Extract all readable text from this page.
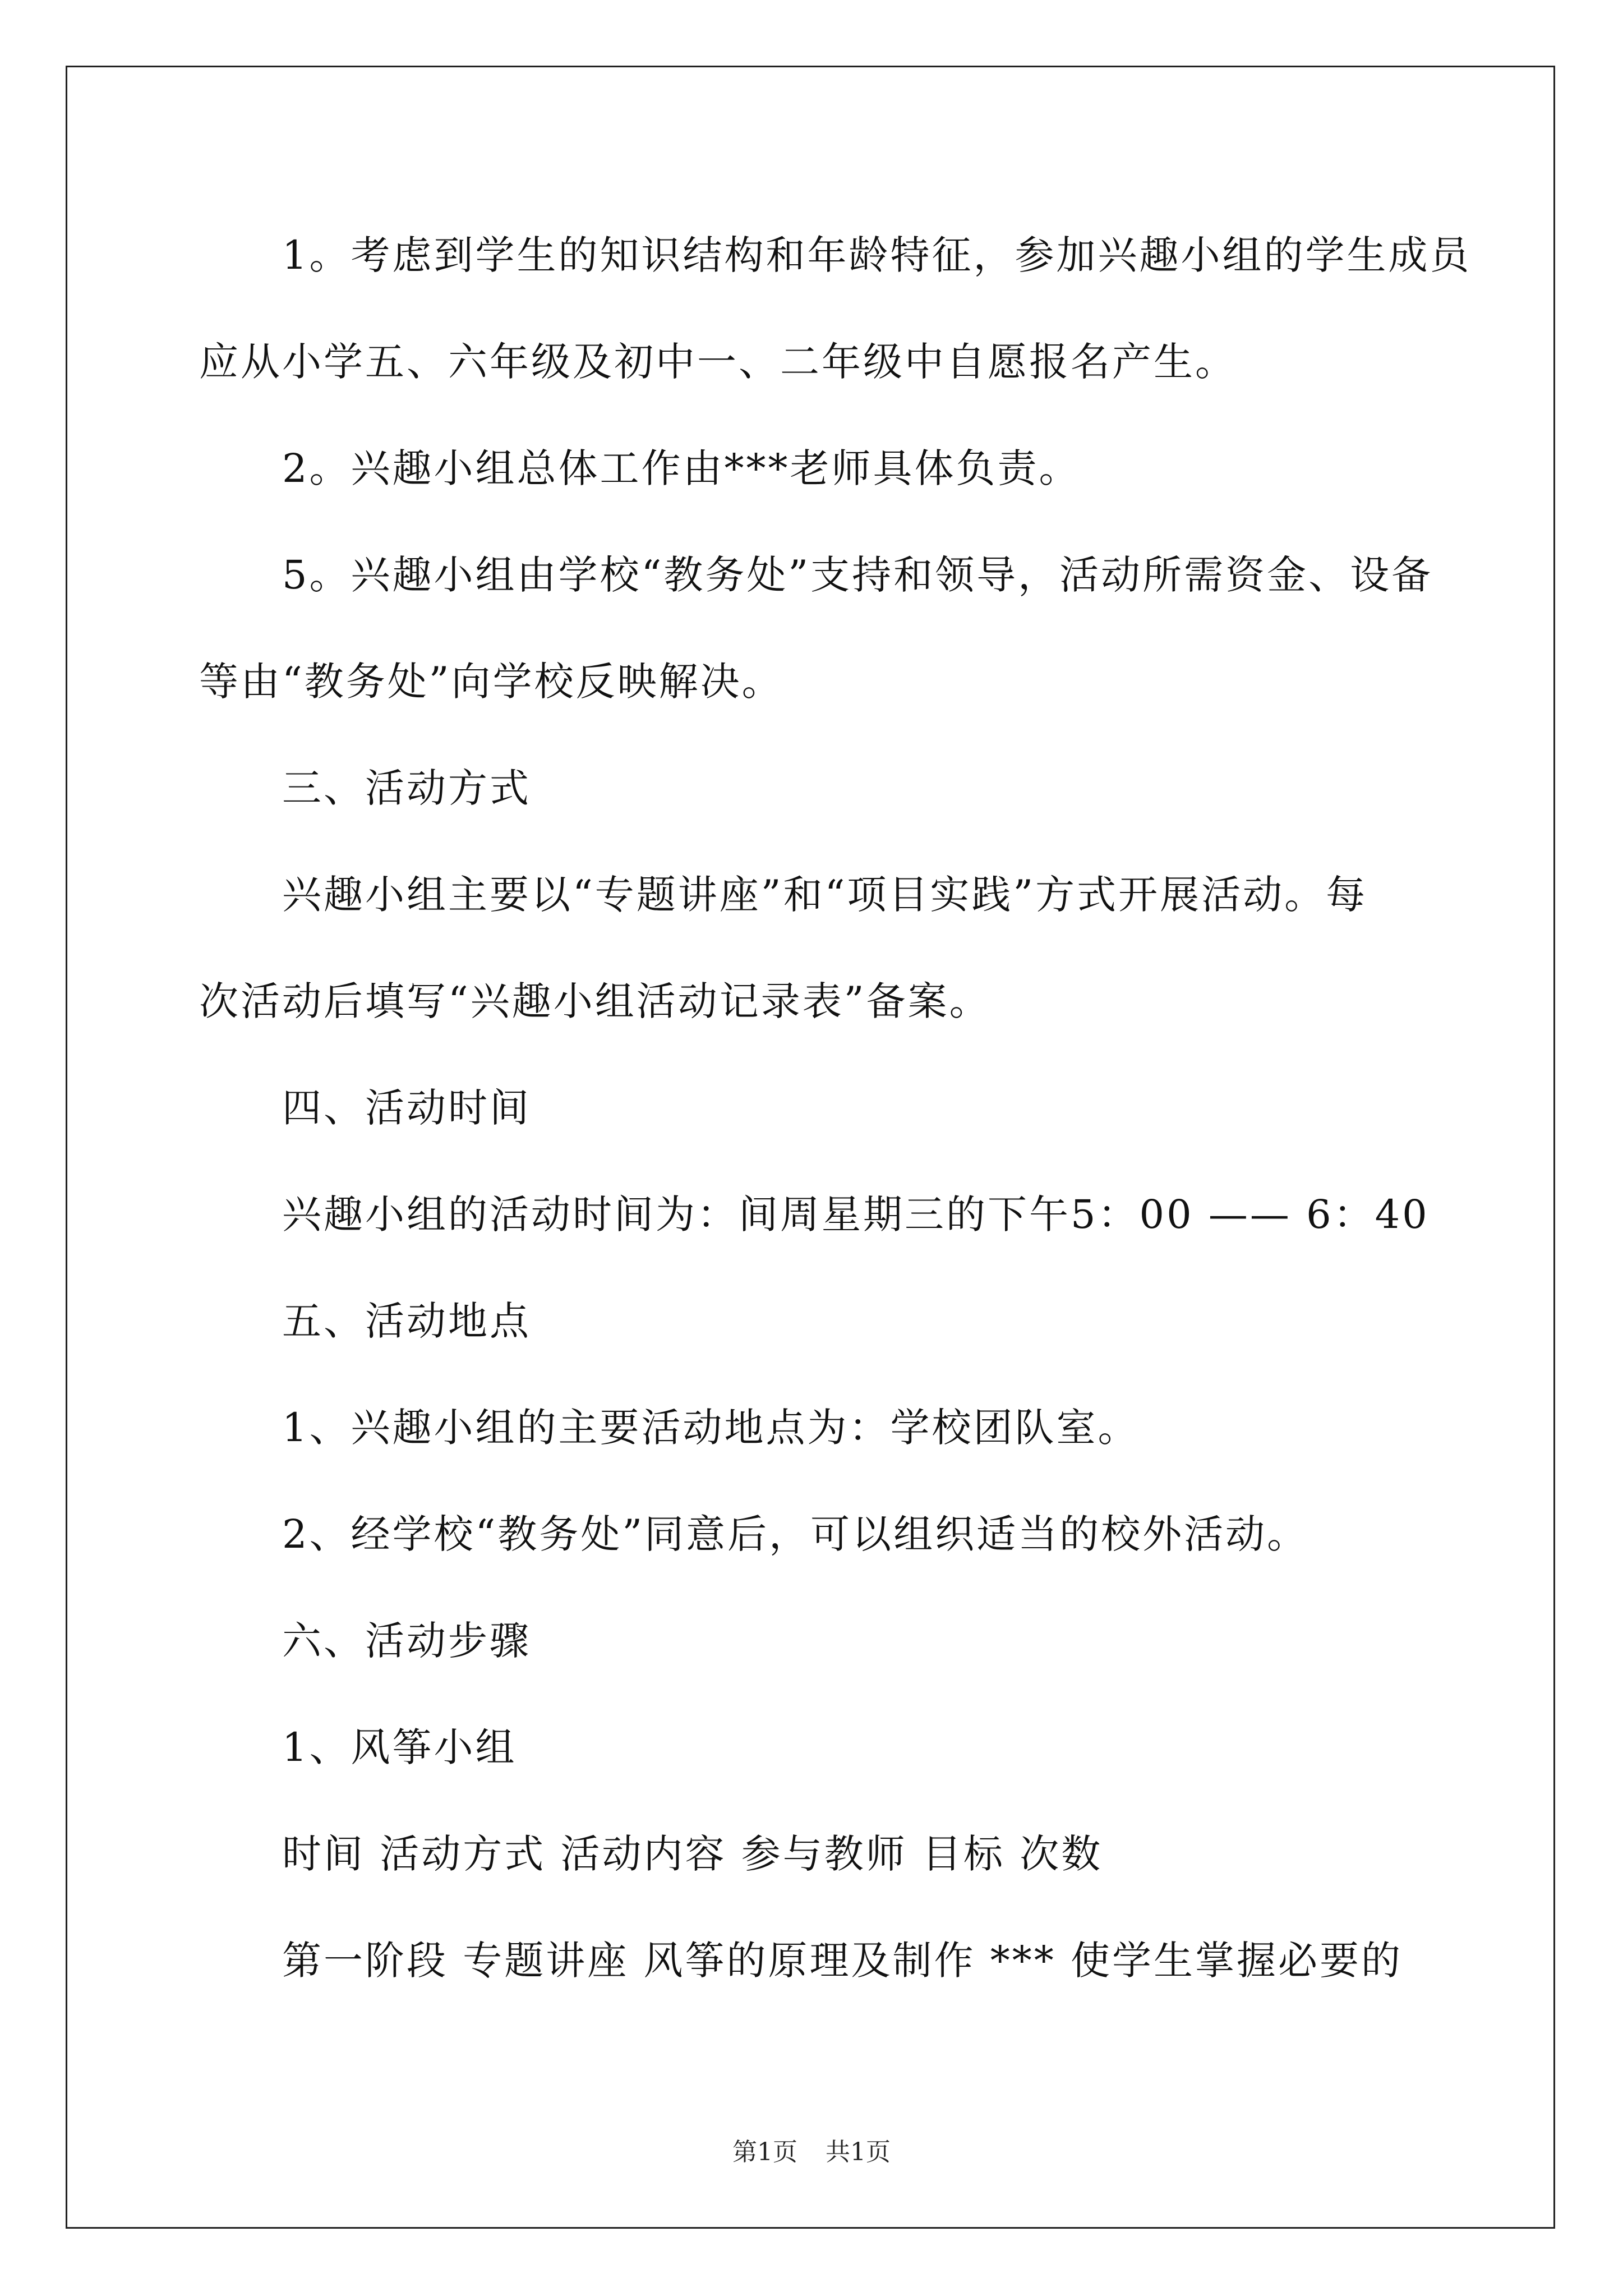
1。考虑到学生的知识结构和年龄特征，参加兴趣小组的学生成员
应从小学五、六年级及初中一、二年级中自愿报名产生。
2。兴趣小组总体工作由***老师具体负责。
5。兴趣小组由学校“教务处”支持和领导，活动所需资金、设备
等由“教务处”向学校反映解决。
三、活动方式
兴趣小组主要以“专题讲座”和“项目实践”方式开展活动。每
次活动后填写“兴趣小组活动记录表”备案。
四、活动时间
兴趣小组的活动时间为：间周星期三的下午5：00 —— 6：40
五、活动地点
1、兴趣小组的主要活动地点为：学校团队室。
2、经学校“教务处”同意后，可以组织适当的校外活动。
六、活动步骤
1、风筝小组
时间 活动方式 活动内容 参与教师 目标 次数
第一阶段 专题讲座 风筝的原理及制作 *** 使学生掌握必要的
第1页 共1页
